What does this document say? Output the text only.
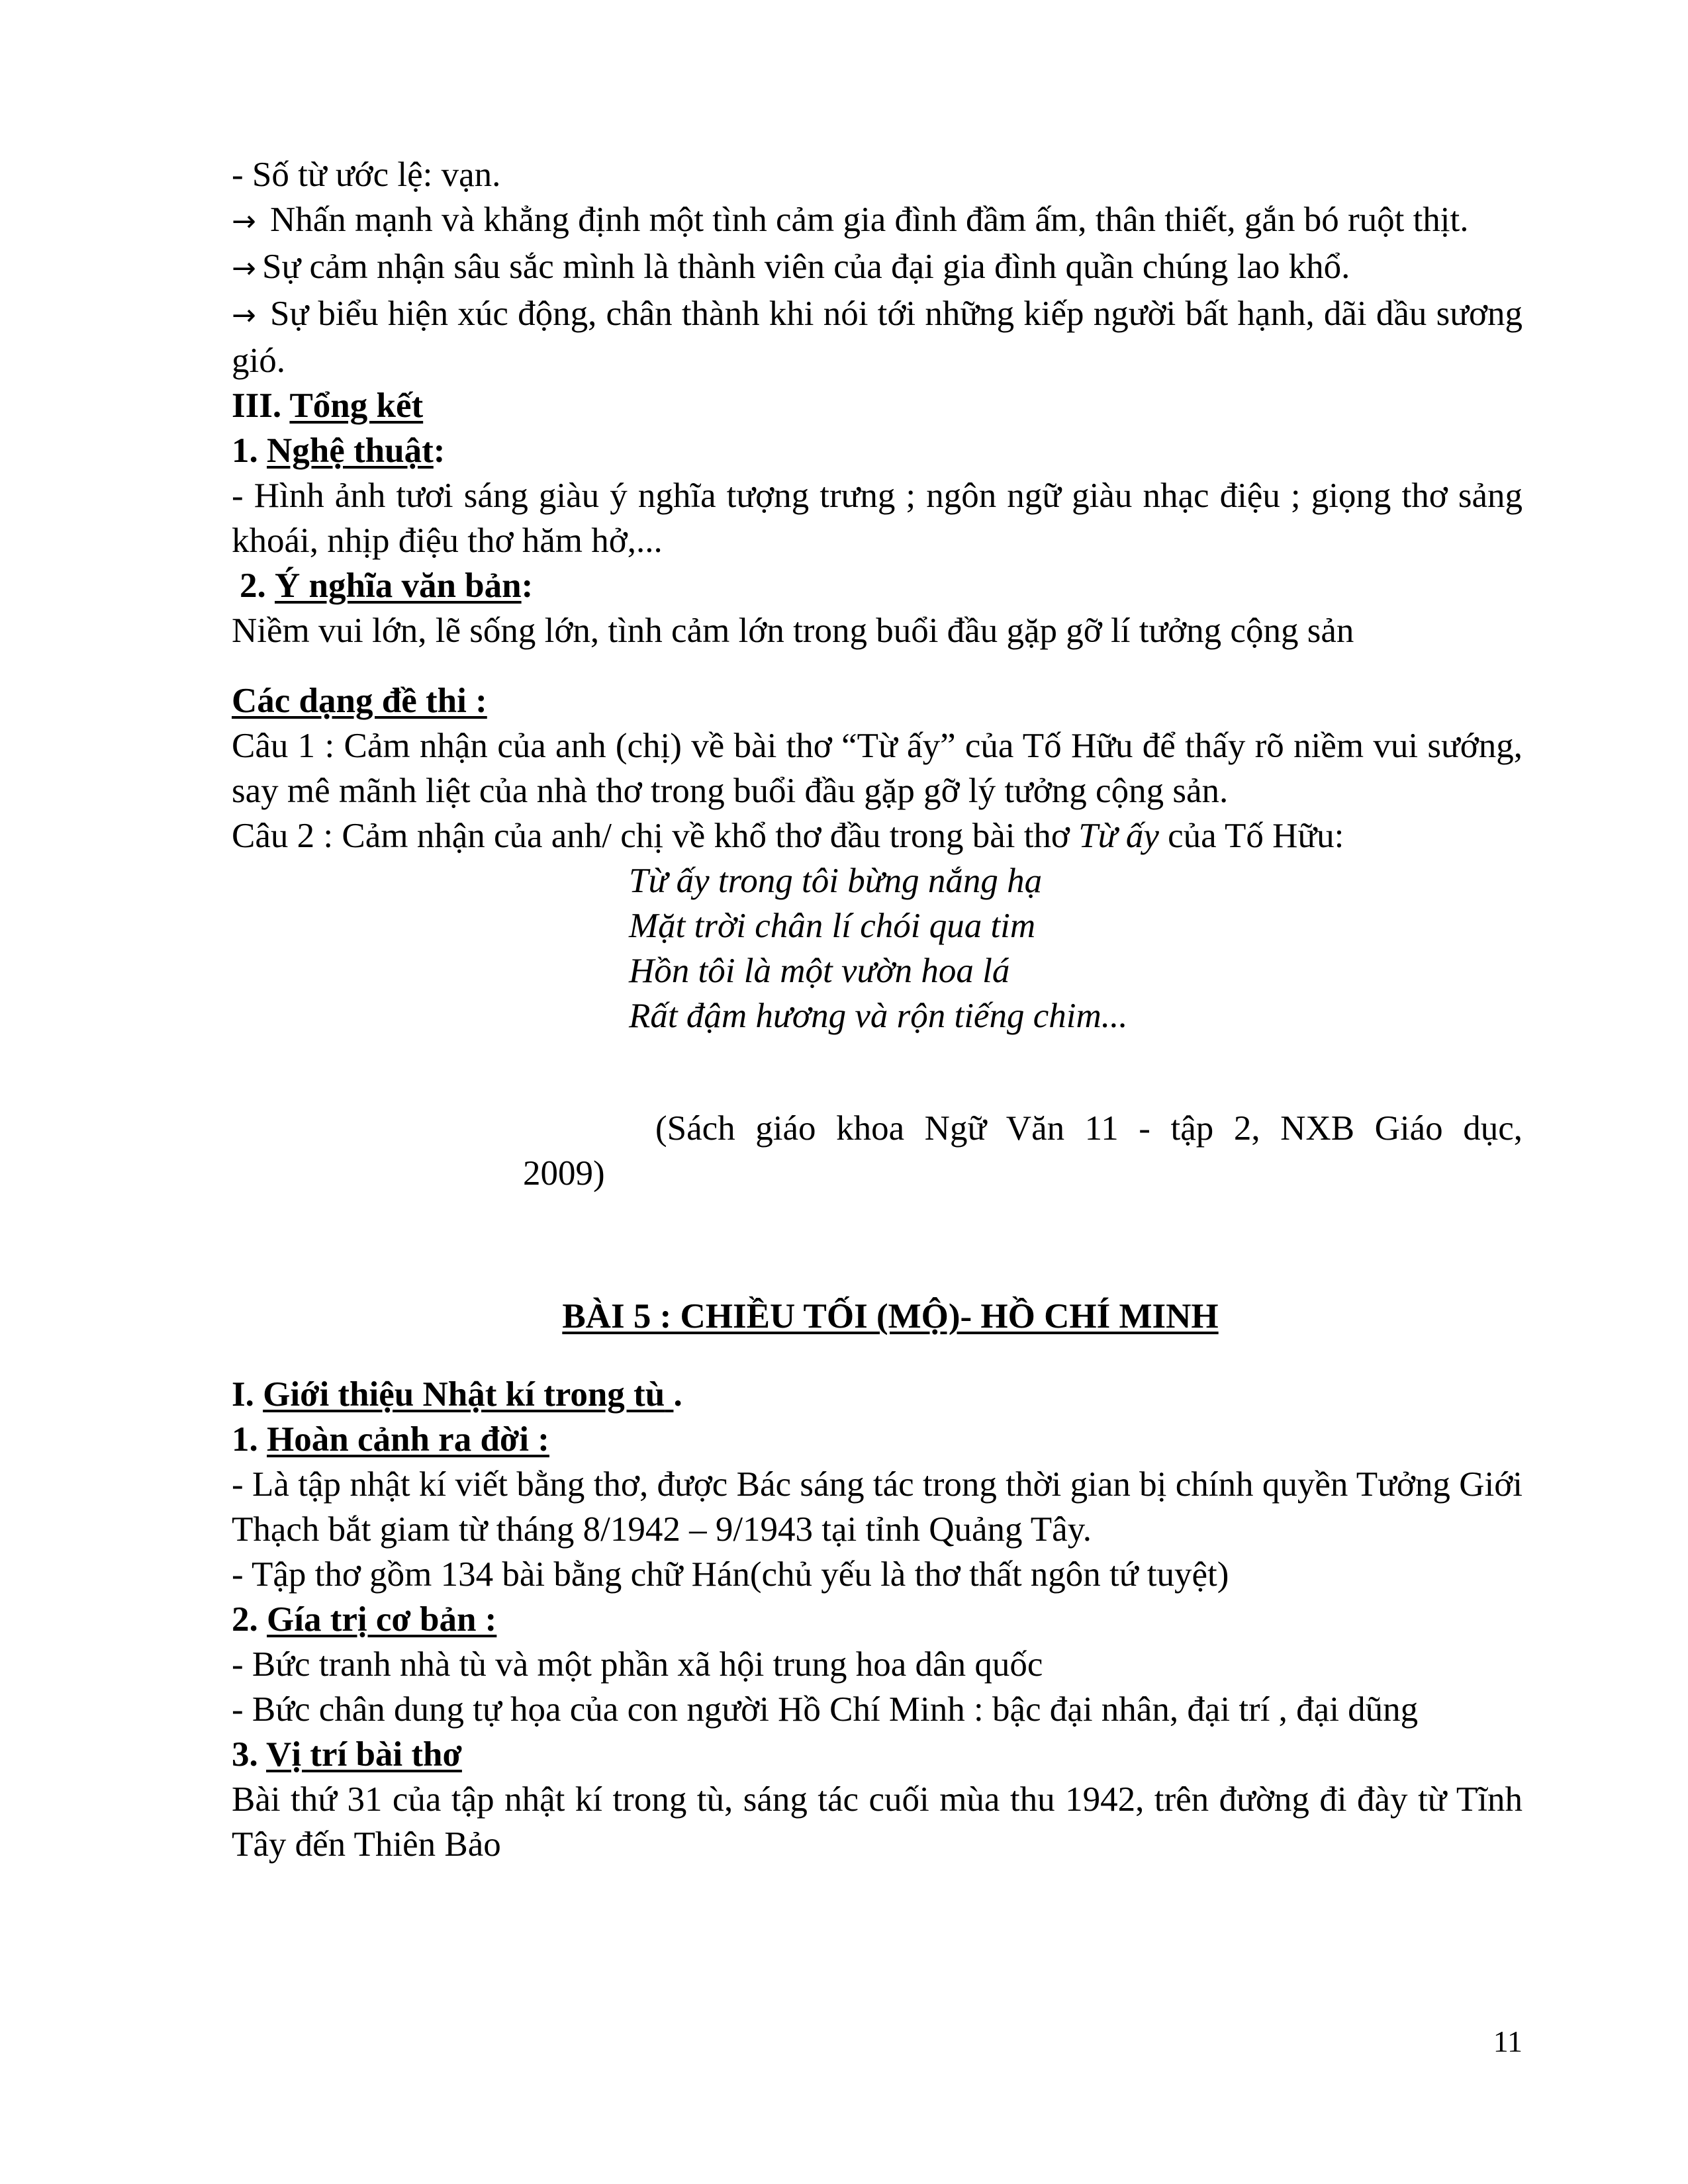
- Số từ ước lệ: vạn.

→ Nhấn mạnh và khẳng định một tình cảm gia đình đầm ấm, thân thiết, gắn bó ruột thịt.

→ Sự cảm nhận sâu sắc mình là thành viên của đại gia đình quần chúng lao khổ.

→ Sự biểu hiện xúc động, chân thành khi nói tới những kiếp người bất hạnh, dãi dầu sương gió.

III. Tổng kết

1. Nghệ thuật:

- Hình ảnh tươi sáng giàu ý nghĩa tượng trưng ; ngôn ngữ giàu nhạc điệu ; giọng thơ sảng khoái, nhịp điệu thơ hăm hở,...

2. Ý nghĩa văn bản:

Niềm vui lớn, lẽ sống lớn, tình cảm lớn trong buổi đầu gặp gỡ lí tưởng cộng sản

Các dạng đề thi :

Câu 1 : Cảm nhận của anh (chị) về bài thơ “Từ ấy” của Tố Hữu để thấy rõ niềm vui sướng, say mê mãnh liệt của nhà thơ trong buổi đầu gặp gỡ lý tưởng cộng sản.

Câu 2 : Cảm nhận của anh/ chị về khổ thơ đầu trong bài thơ Từ ấy của Tố Hữu:

Từ ấy trong tôi bừng nắng hạ

Mặt trời chân lí chói qua tim

Hồn tôi là một vườn hoa lá

Rất đậm hương và rộn tiếng chim...

(Sách giáo khoa Ngữ Văn 11 - tập 2, NXB Giáo dục,

2009)

BÀI 5 : CHIỀU TỐI (MỘ)- HỒ CHÍ MINH

I. Giới thiệu Nhật kí trong tù .

1. Hoàn cảnh ra đời :

- Là tập nhật kí viết bằng thơ, được Bác sáng tác trong thời gian bị chính quyền Tưởng Giới Thạch bắt giam từ tháng 8/1942 – 9/1943 tại tỉnh Quảng Tây.

- Tập thơ gồm 134 bài bằng chữ Hán(chủ yếu là thơ thất ngôn tứ tuyệt)

2. Gía trị cơ bản :

- Bức tranh nhà tù và một phần xã hội trung hoa dân quốc

- Bức chân dung tự họa của con người Hồ Chí Minh : bậc đại nhân, đại trí , đại dũng

3. Vị trí bài thơ

Bài thứ 31 của tập nhật kí trong tù, sáng tác cuối mùa thu 1942, trên đường đi đày từ Tĩnh Tây đến Thiên Bảo

11
